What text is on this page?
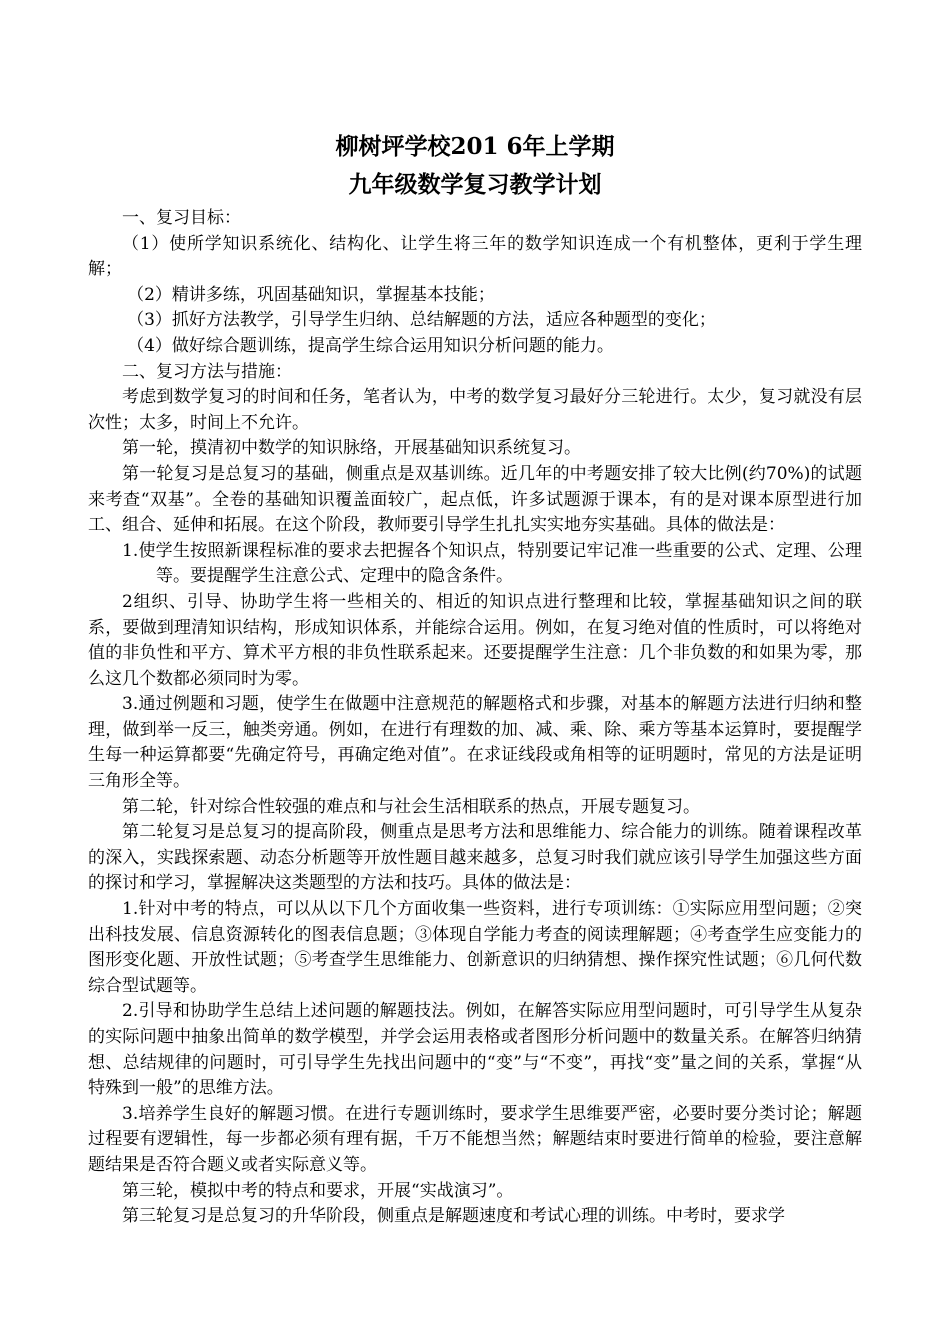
柳树坪学校201 6年上学期
九年级数学复习教学计划

一、复习目标：

（1）使所学知识系统化、结构化、让学生将三年的数学知识连成一个有机整体，更利于学生理解；

（2）精讲多练，巩固基础知识，掌握基本技能；

（3）抓好方法教学，引导学生归纳、总结解题的方法，适应各种题型的变化；

（4）做好综合题训练，提高学生综合运用知识分析问题的能力。

二、复习方法与措施：

考虑到数学复习的时间和任务，笔者认为，中考的数学复习最好分三轮进行。太少，复习就没有层次性；太多，时间上不允许。

第一轮，摸清初中数学的知识脉络，开展基础知识系统复习。

第一轮复习是总复习的基础，侧重点是双基训练。近几年的中考题安排了较大比例(约70%)的试题来考查“双基”。全卷的基础知识覆盖面较广，起点低，许多试题源于课本，有的是对课本原型进行加工、组合、延伸和拓展。在这个阶段，教师要引导学生扎扎实实地夯实基础。具体的做法是：

1.使学生按照新课程标准的要求去把握各个知识点，特别要记牢记准一些重要的公式、定理、公理等。要提醒学生注意公式、定理中的隐含条件。

2组织、引导、协助学生将一些相关的、相近的知识点进行整理和比较，掌握基础知识之间的联系，要做到理清知识结构，形成知识体系，并能综合运用。例如，在复习绝对值的性质时，可以将绝对值的非负性和平方、算术平方根的非负性联系起来。还要提醒学生注意：几个非负数的和如果为零，那么这几个数都必须同时为零。

3.通过例题和习题，使学生在做题中注意规范的解题格式和步骤，对基本的解题方法进行归纳和整理，做到举一反三，触类旁通。例如，在进行有理数的加、减、乘、除、乘方等基本运算时，要提醒学生每一种运算都要“先确定符号，再确定绝对值”。在求证线段或角相等的证明题时，常见的方法是证明三角形全等。

第二轮，针对综合性较强的难点和与社会生活相联系的热点，开展专题复习。

第二轮复习是总复习的提高阶段，侧重点是思考方法和思维能力、综合能力的训练。随着课程改革的深入，实践探索题、动态分析题等开放性题目越来越多，总复习时我们就应该引导学生加强这些方面的探讨和学习，掌握解决这类题型的方法和技巧。具体的做法是：

1.针对中考的特点，可以从以下几个方面收集一些资料，进行专项训练：①实际应用型问题；②突出科技发展、信息资源转化的图表信息题；③体现自学能力考查的阅读理解题；④考查学生应变能力的图形变化题、开放性试题；⑤考查学生思维能力、创新意识的归纳猜想、操作探究性试题；⑥几何代数综合型试题等。

2.引导和协助学生总结上述问题的解题技法。例如，在解答实际应用型问题时，可引导学生从复杂的实际问题中抽象出简单的数学模型，并学会运用表格或者图形分析问题中的数量关系。在解答归纳猜想、总结规律的问题时，可引导学生先找出问题中的“变”与“不变”，再找“变”量之间的关系，掌握“从特殊到一般”的思维方法。

3.培养学生良好的解题习惯。在进行专题训练时，要求学生思维要严密，必要时要分类讨论；解题过程要有逻辑性，每一步都必须有理有据，千万不能想当然；解题结束时要进行简单的检验，要注意解题结果是否符合题义或者实际意义等。

第三轮，模拟中考的特点和要求，开展“实战演习”。

第三轮复习是总复习的升华阶段，侧重点是解题速度和考试心理的训练。中考时，要求学
